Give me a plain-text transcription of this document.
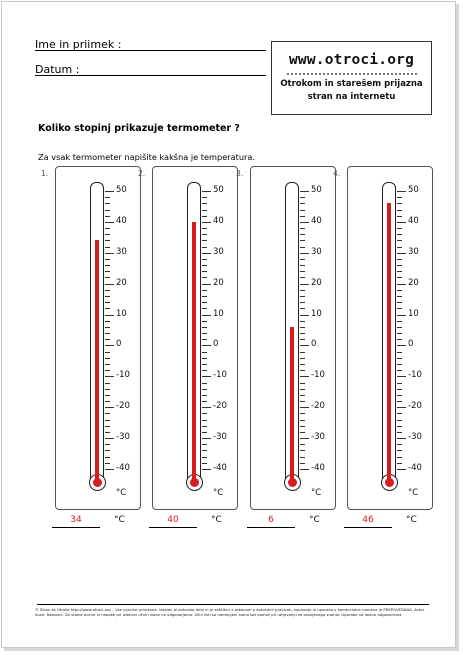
Ime in priimek :
Datum :
www.otroci.org
Otrokom in starešem prijazna
stran na internetu
Koliko stopinj prikazuje termometer ?
Za vsak termometer napišite kakšna je temperatura.
1.
50
40
30
20
10
0
-10
-20
-30
-40
°C
34	°C
2.
50
40
30
20
10
0
-10
-20
-30
-40
°C
40	°C
3.
50
40
30
20
10
0
-10
-20
-30
-40
°C
6	°C
4.
50
40
30
20
10
0
-10
-20
-30
-40
°C
46	°C
© Stran za Otroke http://www.otroci.org – Vse pravice pridržane. Izdelek je avtorsko delo in je zaščiten z zakonom o avtorskih pravicah, kopiranje in uporaba v komercialne namene je PREPOVEDANA. Avtor ilustr. Rakovec. Za stalne ocene in napake pri izdelavi učnih listov ne odgovarjamo. Učni listi so namenjeni samo kot pomoč pri utrjevanju že osvojenega znanja. Uporaba na lastno odgovornost.
